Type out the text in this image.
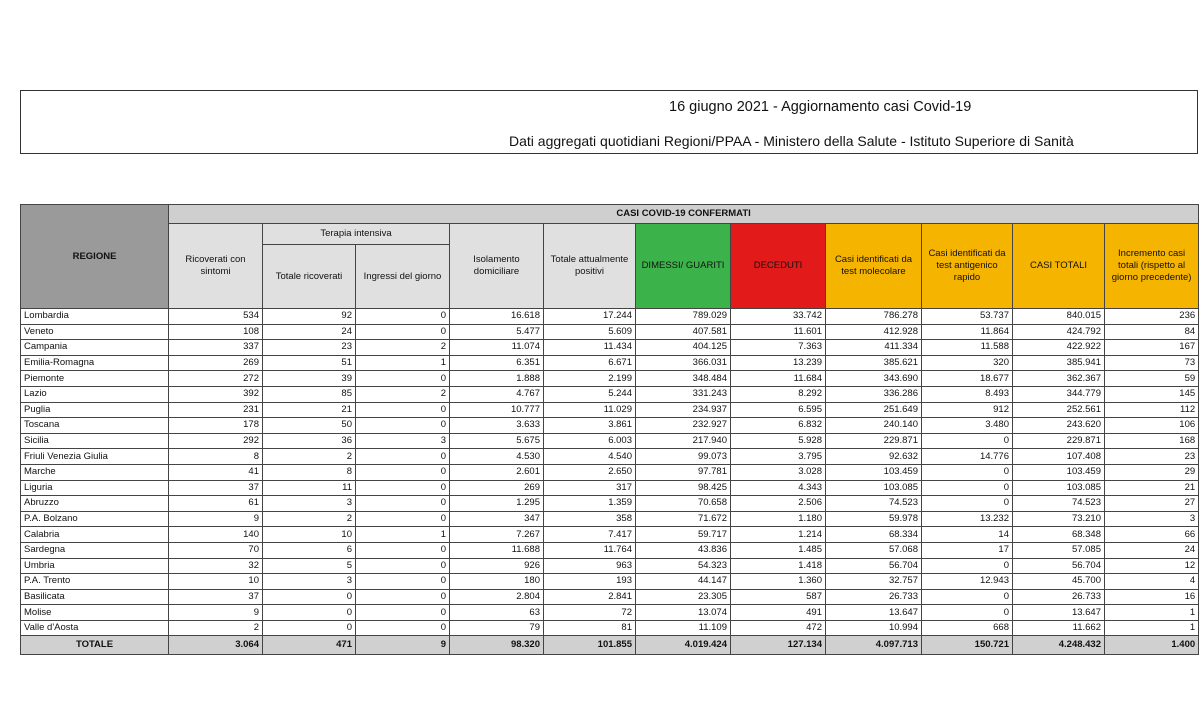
16 giugno 2021 - Aggiornamento casi Covid-19
Dati aggregati quotidiani Regioni/PPAA - Ministero della Salute - Istituto Superiore di Sanità
REGIONE	CASI COVID-19 CONFERMATI										
	Ricoverati con sintomi	Terapia intensiva		Isolamento domiciliare	Totale attualmente positivi	DIMESSI/ GUARITI	DECEDUTI	Casi identificati da test molecolare	Casi identificati da test antigenico rapido	CASI TOTALI	Incremento casi totali (rispetto al giorno precedente)
		Totale ricoverati	Ingressi del giorno								
Lombardia	534	92	0	16.618	17.244	789.029	33.742	786.278	53.737	840.015	236
Veneto	108	24	0	5.477	5.609	407.581	11.601	412.928	11.864	424.792	84
Campania	337	23	2	11.074	11.434	404.125	7.363	411.334	11.588	422.922	167
Emilia-Romagna	269	51	1	6.351	6.671	366.031	13.239	385.621	320	385.941	73
Piemonte	272	39	0	1.888	2.199	348.484	11.684	343.690	18.677	362.367	59
Lazio	392	85	2	4.767	5.244	331.243	8.292	336.286	8.493	344.779	145
Puglia	231	21	0	10.777	11.029	234.937	6.595	251.649	912	252.561	112
Toscana	178	50	0	3.633	3.861	232.927	6.832	240.140	3.480	243.620	106
Sicilia	292	36	3	5.675	6.003	217.940	5.928	229.871	0	229.871	168
Friuli Venezia Giulia	8	2	0	4.530	4.540	99.073	3.795	92.632	14.776	107.408	23
Marche	41	8	0	2.601	2.650	97.781	3.028	103.459	0	103.459	29
Liguria	37	11	0	269	317	98.425	4.343	103.085	0	103.085	21
Abruzzo	61	3	0	1.295	1.359	70.658	2.506	74.523	0	74.523	27
P.A. Bolzano	9	2	0	347	358	71.672	1.180	59.978	13.232	73.210	3
Calabria	140	10	1	7.267	7.417	59.717	1.214	68.334	14	68.348	66
Sardegna	70	6	0	11.688	11.764	43.836	1.485	57.068	17	57.085	24
Umbria	32	5	0	926	963	54.323	1.418	56.704	0	56.704	12
P.A. Trento	10	3	0	180	193	44.147	1.360	32.757	12.943	45.700	4
Basilicata	37	0	0	2.804	2.841	23.305	587	26.733	0	26.733	16
Molise	9	0	0	63	72	13.074	491	13.647	0	13.647	1
Valle d'Aosta	2	0	0	79	81	11.109	472	10.994	668	11.662	1
TOTALE	3.064	471	9	98.320	101.855	4.019.424	127.134	4.097.713	150.721	4.248.432	1.400
